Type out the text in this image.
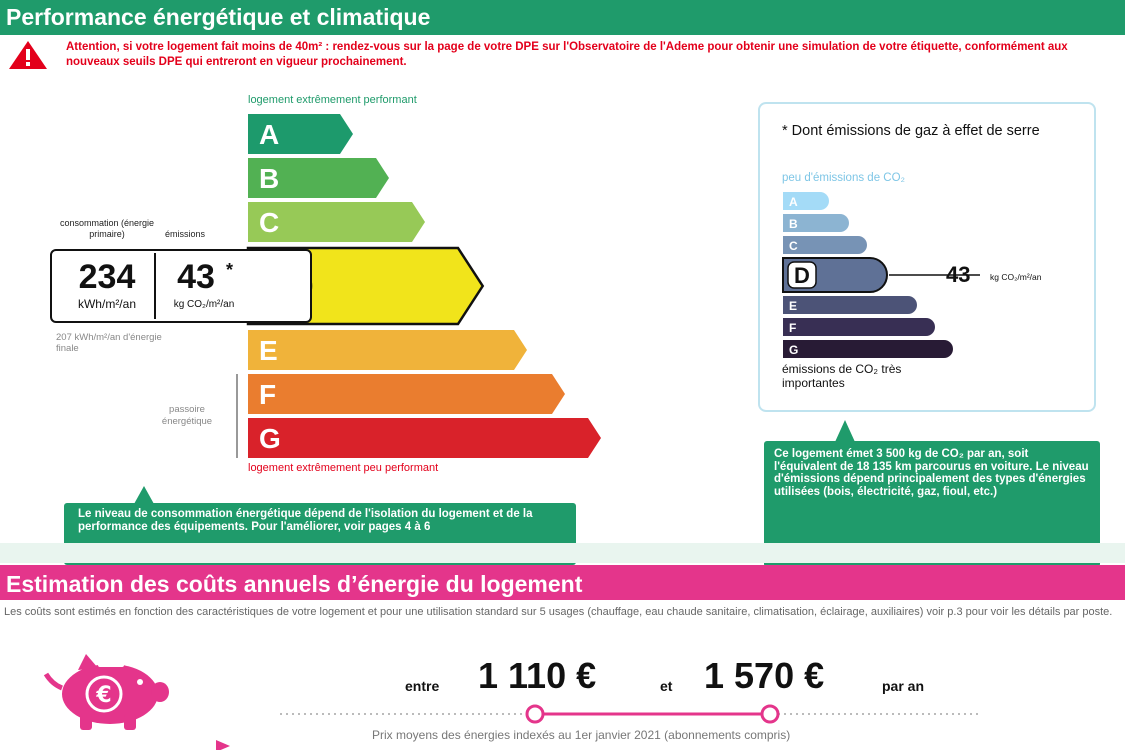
Performance énergétique et climatique
Attention, si votre logement fait moins de 40m² : rendez-vous sur la page de votre DPE sur l'Observatoire de l'Ademe pour obtenir une simulation de votre étiquette, conformément aux nouveaux seuils DPE qui entreront en vigueur prochainement.
logement extrêmement performant
A
B
C
E
F
G
logement extrêmement peu performant
consommation (énergie primaire)	émissions
234
kWh/m²/an
43 *
kg CO₂/m²/an
207 kWh/m²/an d'énergie finale
passoire énergétique
Le niveau de consommation énergétique dépend de l'isolation du logement et de la performance des équipements. Pour l'améliorer, voir pages 4 à 6
* Dont émissions de gaz à effet de serre
peu d'émissions de CO₂
A
B
C
D
E
F
G
émissions de CO₂ très importantes
43 kg CO₂/m²/an
Ce logement émet 3 500 kg de CO₂ par an, soit l'équivalent de 18 135 km parcourus en voiture. Le niveau d'émissions dépend principalement des types d'énergies utilisées (bois, électricité, gaz, fioul, etc.)
Estimation des coûts annuels d’énergie du logement
Les coûts sont estimés en fonction des caractéristiques de votre logement et pour une utilisation standard sur 5 usages (chauffage, eau chaude sanitaire, climatisation, éclairage, auxiliaires) voir p.3 pour voir les détails par poste.
€	entre 1 110 €	et 1 570 €	par an
Prix moyens des énergies indexés au 1er janvier 2021 (abonnements compris)
